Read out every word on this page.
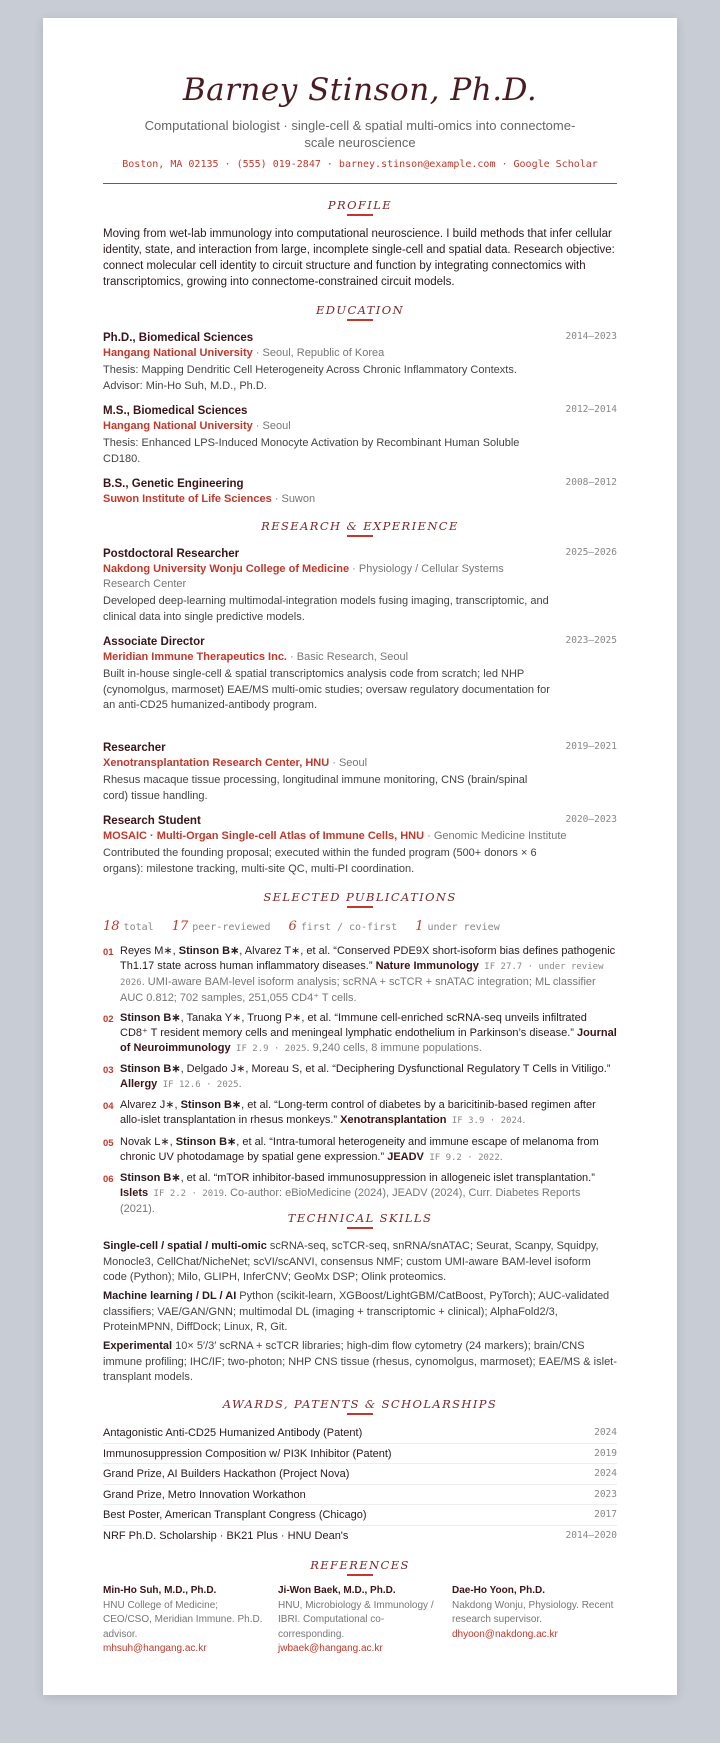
Barney Stinson, Ph.D.
Computational biologist · single-cell & spatial multi-omics into connectome-scale neuroscience
Boston, MA 02135 · (555) 019-2847 · barney.stinson@example.com · Google Scholar
PROFILE
Moving from wet-lab immunology into computational neuroscience. I build methods that infer cellular identity, state, and interaction from large, incomplete single-cell and spatial data. Research objective: connect molecular cell identity to circuit structure and function by integrating connectomics with transcriptomics, growing into connectome-constrained circuit models.
EDUCATION
Ph.D., Biomedical Sciences	2014–2023
Hangang National University · Seoul, Republic of Korea
Thesis: Mapping Dendritic Cell Heterogeneity Across Chronic Inflammatory Contexts. Advisor: Min-Ho Suh, M.D., Ph.D.
M.S., Biomedical Sciences	2012–2014
Hangang National University · Seoul
Thesis: Enhanced LPS-Induced Monocyte Activation by Recombinant Human Soluble CD180.
B.S., Genetic Engineering	2008–2012
Suwon Institute of Life Sciences · Suwon
RESEARCH & EXPERIENCE
Postdoctoral Researcher	2025–2026
Nakdong University Wonju College of Medicine · Physiology / Cellular Systems Research Center
Developed deep-learning multimodal-integration models fusing imaging, transcriptomic, and clinical data into single predictive models.
Associate Director	2023–2025
Meridian Immune Therapeutics Inc. · Basic Research, Seoul
Built in-house single-cell & spatial transcriptomics analysis code from scratch; led NHP (cynomolgus, marmoset) EAE/MS multi-omic studies; oversaw regulatory documentation for an anti-CD25 humanized-antibody program.
Researcher	2019–2021
Xenotransplantation Research Center, HNU · Seoul
Rhesus macaque tissue processing, longitudinal immune monitoring, CNS (brain/spinal cord) tissue handling.
Research Student	2020–2023
MOSAIC · Multi-Organ Single-cell Atlas of Immune Cells, HNU · Genomic Medicine Institute
Contributed the founding proposal; executed within the funded program (500+ donors × 6 organs): milestone tracking, multi-site QC, multi-PI coordination.
SELECTED PUBLICATIONS
18 total 17 peer-reviewed 6 first / co-first 1 under review
01 Reyes M∗, Stinson B∗, Alvarez T∗, et al. “Conserved PDE9X short-isoform bias defines pathogenic Th1.17 state across human inflammatory diseases.” Nature Immunology IF 27.7 · under review 2026. UMI-aware BAM-level isoform analysis; scRNA + scTCR + snATAC integration; ML classifier AUC 0.812; 702 samples, 251,055 CD4⁺ T cells.
02 Stinson B∗, Tanaka Y∗, Truong P∗, et al. “Immune cell-enriched scRNA-seq unveils infiltrated CD8⁺ T resident memory cells and meningeal lymphatic endothelium in Parkinson’s disease.” Journal of Neuroimmunology IF 2.9 · 2025. 9,240 cells, 8 immune populations.
03 Stinson B∗, Delgado J∗, Moreau S, et al. “Deciphering Dysfunctional Regulatory T Cells in Vitiligo.” Allergy IF 12.6 · 2025.
04 Alvarez J∗, Stinson B∗, et al. “Long-term control of diabetes by a baricitinib-based regimen after allo-islet transplantation in rhesus monkeys.” Xenotransplantation IF 3.9 · 2024.
05 Novak L∗, Stinson B∗, et al. “Intra-tumoral heterogeneity and immune escape of melanoma from chronic UV photodamage by spatial gene expression.” JEADV IF 9.2 · 2022.
06 Stinson B∗, et al. “mTOR inhibitor-based immunosuppression in allogeneic islet transplantation.” Islets IF 2.2 · 2019. Co-author: eBioMedicine (2024), JEADV (2024), Curr. Diabetes Reports (2021).
TECHNICAL SKILLS
Single-cell / spatial / multi-omic scRNA-seq, scTCR-seq, snRNA/snATAC; Seurat, Scanpy, Squidpy, Monocle3, CellChat/NicheNet; scVI/scANVI, consensus NMF; custom UMI-aware BAM-level isoform code (Python); Milo, GLIPH, InferCNV; GeoMx DSP; Olink proteomics.
Machine learning / DL / AI Python (scikit-learn, XGBoost/LightGBM/CatBoost, PyTorch); AUC-validated classifiers; VAE/GAN/GNN; multimodal DL (imaging + transcriptomic + clinical); AlphaFold2/3, ProteinMPNN, DiffDock; Linux, R, Git.
Experimental 10× 5′/3′ scRNA + scTCR libraries; high-dim flow cytometry (24 markers); brain/CNS immune profiling; IHC/IF; two-photon; NHP CNS tissue (rhesus, cynomolgus, marmoset); EAE/MS & islet-transplant models.
AWARDS, PATENTS & SCHOLARSHIPS
Antagonistic Anti-CD25 Humanized Antibody (Patent)	2024
Immunosuppression Composition w/ PI3K Inhibitor (Patent)	2019
Grand Prize, AI Builders Hackathon (Project Nova)	2024
Grand Prize, Metro Innovation Workathon	2023
Best Poster, American Transplant Congress (Chicago)	2017
NRF Ph.D. Scholarship · BK21 Plus · HNU Dean's	2014–2020
REFERENCES
Min-Ho Suh, M.D., Ph.D.
HNU College of Medicine; CEO/CSO, Meridian Immune. Ph.D. advisor.
mhsuh@hangang.ac.kr
Ji-Won Baek, M.D., Ph.D.
HNU, Microbiology & Immunology / IBRI. Computational co-corresponding.
jwbaek@hangang.ac.kr
Dae-Ho Yoon, Ph.D.
Nakdong Wonju, Physiology. Recent research supervisor.
dhyoon@nakdong.ac.kr
